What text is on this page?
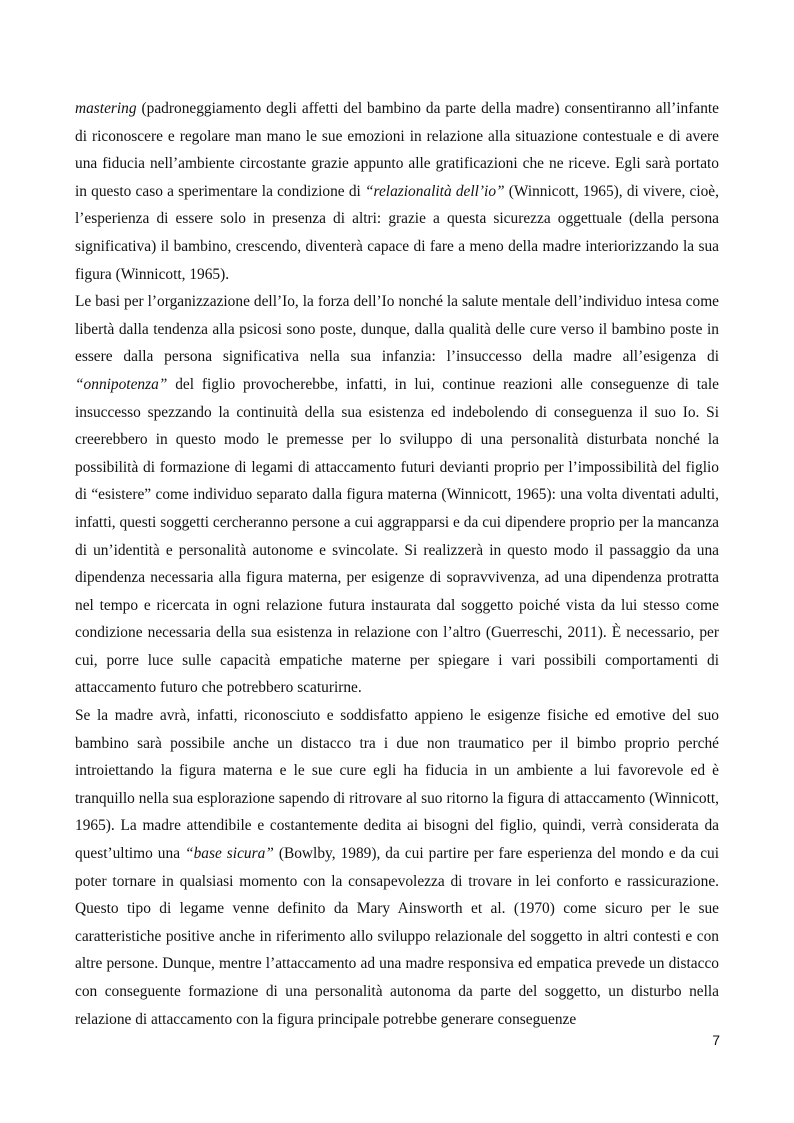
mastering (padroneggiamento degli affetti del bambino da parte della madre) consentiranno all’infante di riconoscere e regolare man mano le sue emozioni in relazione alla situazione contestuale e di avere una fiducia nell’ambiente circostante grazie appunto alle gratificazioni che ne riceve. Egli sarà portato in questo caso a sperimentare la condizione di “relazionalità dell’io” (Winnicott, 1965), di vivere, cioè, l’esperienza di essere solo in presenza di altri: grazie a questa sicurezza oggettuale (della persona significativa) il bambino, crescendo, diventerà capace di fare a meno della madre interiorizzando la sua figura (Winnicott, 1965).

Le basi per l’organizzazione dell’Io, la forza dell’Io nonché la salute mentale dell’individuo intesa come libertà dalla tendenza alla psicosi sono poste, dunque, dalla qualità delle cure verso il bambino poste in essere dalla persona significativa nella sua infanzia: l’insuccesso della madre all’esigenza di “onnipotenza” del figlio provocherebbe, infatti, in lui, continue reazioni alle conseguenze di tale insuccesso spezzando la continuità della sua esistenza ed indebolendo di conseguenza il suo Io. Si creerebbero in questo modo le premesse per lo sviluppo di una personalità disturbata nonché la possibilità di formazione di legami di attaccamento futuri devianti proprio per l’impossibilità del figlio di “esistere” come individuo separato dalla figura materna (Winnicott, 1965): una volta diventati adulti, infatti, questi soggetti cercheranno persone a cui aggrapparsi e da cui dipendere proprio per la mancanza di un’identità e personalità autonome e svincolate. Si realizzerà in questo modo il passaggio da una dipendenza necessaria alla figura materna, per esigenze di sopravvivenza, ad una dipendenza protratta nel tempo e ricercata in ogni relazione futura instaurata dal soggetto poiché vista da lui stesso come condizione necessaria della sua esistenza in relazione con l’altro (Guerreschi, 2011). È necessario, per cui, porre luce sulle capacità empatiche materne per spiegare i vari possibili comportamenti di attaccamento futuro che potrebbero scaturirne.

Se la madre avrà, infatti, riconosciuto e soddisfatto appieno le esigenze fisiche ed emotive del suo bambino sarà possibile anche un distacco tra i due non traumatico per il bimbo proprio perché introiettando la figura materna e le sue cure egli ha fiducia in un ambiente a lui favorevole ed è tranquillo nella sua esplorazione sapendo di ritrovare al suo ritorno la figura di attaccamento (Winnicott, 1965). La madre attendibile e costantemente dedita ai bisogni del figlio, quindi, verrà considerata da quest’ultimo una “base sicura” (Bowlby, 1989), da cui partire per fare esperienza del mondo e da cui poter tornare in qualsiasi momento con la consapevolezza di trovare in lei conforto e rassicurazione. Questo tipo di legame venne definito da Mary Ainsworth et al. (1970) come sicuro per le sue caratteristiche positive anche in riferimento allo sviluppo relazionale del soggetto in altri contesti e con altre persone. Dunque, mentre l’attaccamento ad una madre responsiva ed empatica prevede un distacco con conseguente formazione di una personalità autonoma da parte del soggetto, un disturbo nella relazione di attaccamento con la figura principale potrebbe generare conseguenze

7
